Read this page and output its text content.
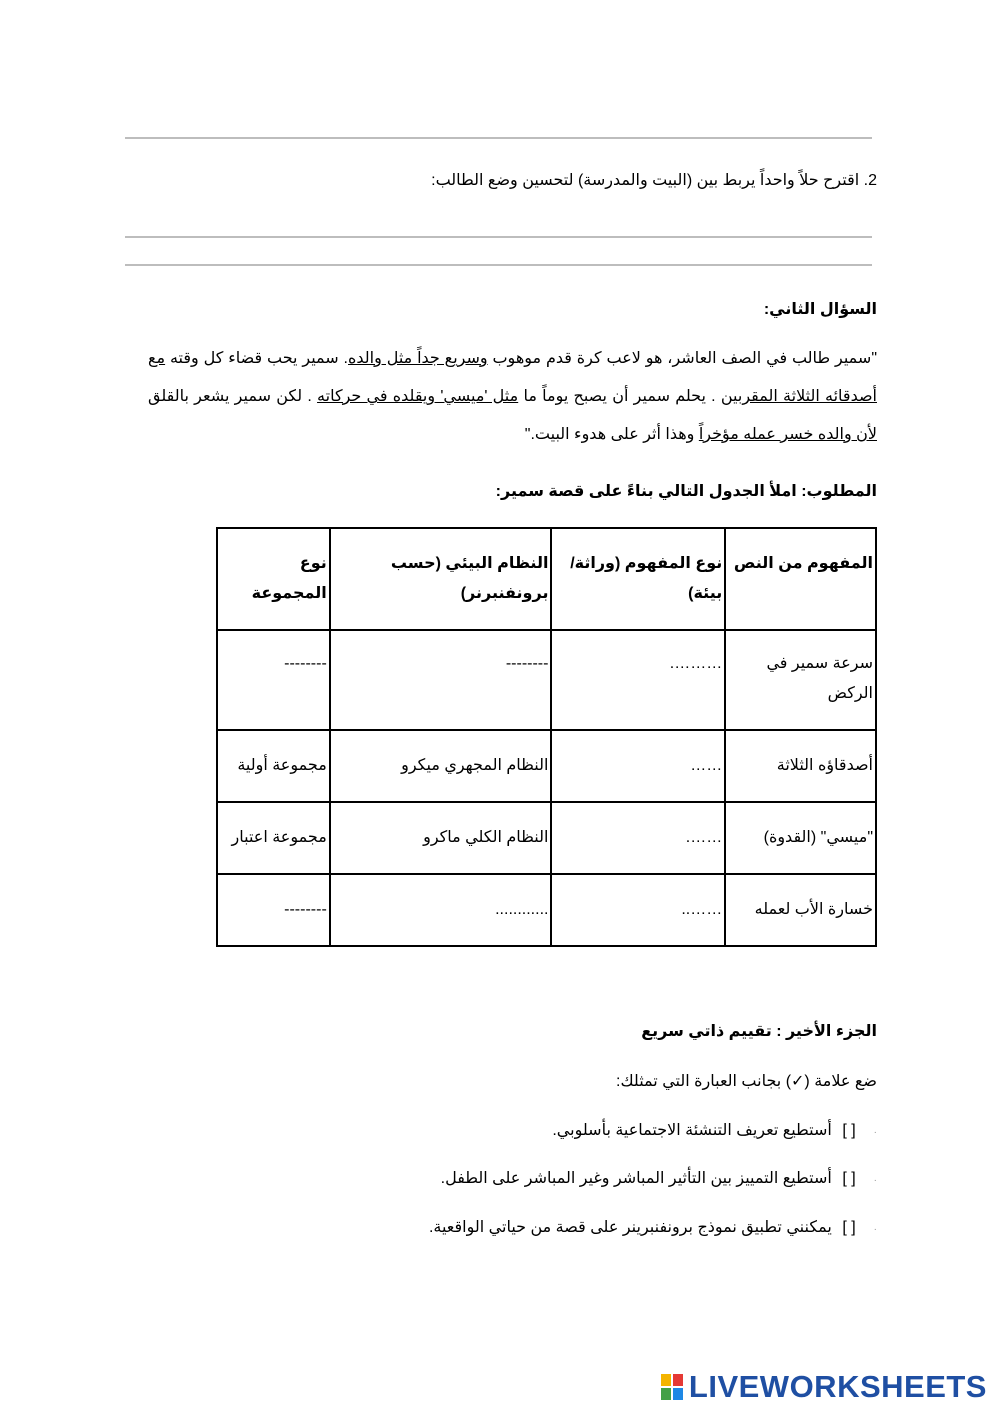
2. اقترح حلاً واحداً يربط بين (البيت والمدرسة) لتحسين وضع الطالب:
السؤال الثاني:
"سمير طالب في الصف العاشر، هو لاعب كرة قدم موهوب وسريع جداً مثل والده. سمير يحب قضاء كل وقته مع أصدقائه الثلاثة المقربين . يحلم سمير أن يصبح يوماً ما مثل 'ميسي' ويقلده في حركاته . لكن سمير يشعر بالقلق لأن والده خسر عمله مؤخراً وهذا أثر على هدوء البيت."
المطلوب: املأ الجدول التالي بناءً على قصة سمير:
المفهوم من النص	نوع المفهوم (وراثة/ بيئة)	النظام البيئي (حسب برونفنبرنر)	نوع المجموعة
سرعة سمير في الركض	……….	--------	--------
أصدقاؤه الثلاثة	……	النظام المجهري ميكرو	مجموعة أولية
"ميسي" (القدوة)	…….	النظام الكلي ماكرو	مجموعة اعتبار
خسارة الأب لعمله	……..	............	--------
الجزء الأخير : تقييم ذاتي سريع
ضع علامة (✓) بجانب العبارة التي تمثلك:
·[ ] أستطيع تعريف التنشئة الاجتماعية بأسلوبي.
·[ ] أستطيع التمييز بين التأثير المباشر وغير المباشر على الطفل.
·[ ] يمكنني تطبيق نموذج برونفنبرينر على قصة من حياتي الواقعية.
LIVEWORKSHEETS
